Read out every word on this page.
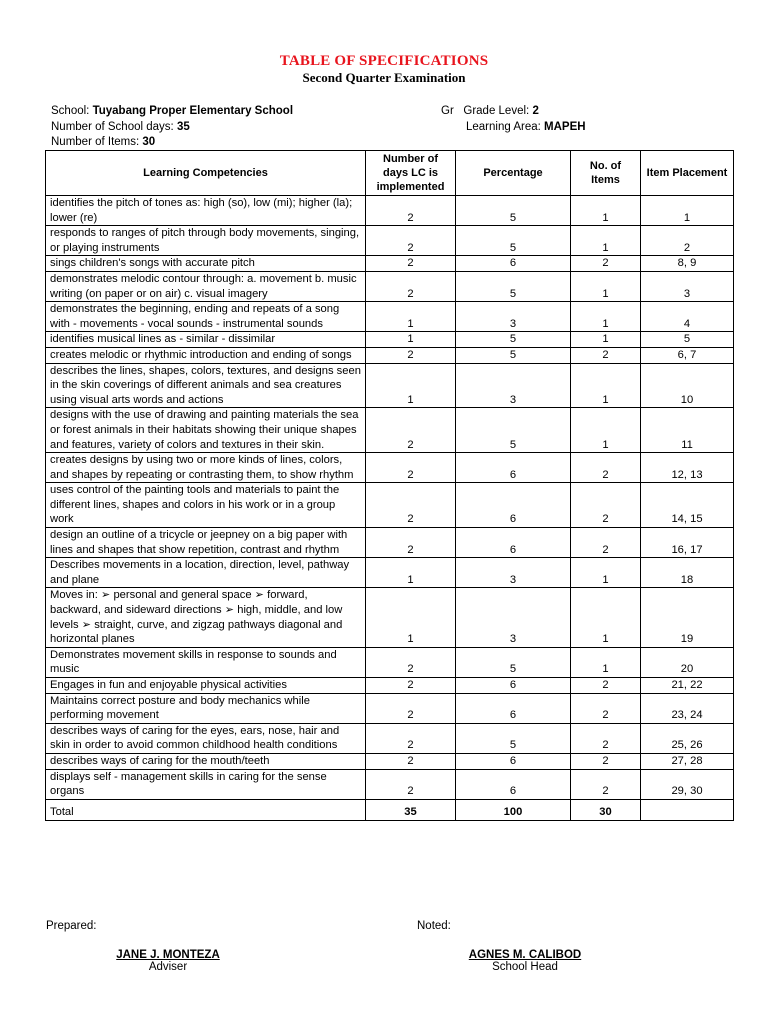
TABLE OF SPECIFICATIONS
Second Quarter Examination
School: Tuyabang Proper Elementary School
Number of School days: 35
Number of Items: 30
Gr Grade Level: 2
Learning Area: MAPEH
Learning Competencies	Number of days LC is implemented	Percentage	No. of Items	Item Placement
identifies the pitch of tones as: high (so), low (mi); higher (la); lower (re)	2	5	1	1
responds to ranges of pitch through body movements, singing, or playing instruments	2	5	1	2
sings children's songs with accurate pitch	2	6	2	8, 9
demonstrates melodic contour through: a. movement b. music writing (on paper or on air) c. visual imagery	2	5	1	3
demonstrates the beginning, ending and repeats of a song with - movements - vocal sounds - instrumental sounds	1	3	1	4
identifies musical lines as - similar - dissimilar	1	5	1	5
creates melodic or rhythmic introduction and ending of songs	2	5	2	6, 7
describes the lines, shapes, colors, textures, and designs seen in the skin coverings of different animals and sea creatures using visual arts words and actions	1	3	1	10
designs with the use of drawing and painting materials the sea or forest animals in their habitats showing their unique shapes and features, variety of colors and textures in their skin.	2	5	1	11
creates designs by using two or more kinds of lines, colors, and shapes by repeating or contrasting them, to show rhythm	2	6	2	12, 13
uses control of the painting tools and materials to paint the different lines, shapes and colors in his work or in a group work	2	6	2	14, 15
design an outline of a tricycle or jeepney on a big paper with lines and shapes that show repetition, contrast and rhythm	2	6	2	16, 17
Describes movements in a location, direction, level, pathway and plane	1	3	1	18
Moves in: ➢ personal and general space ➢ forward, backward, and sideward directions ➢ high, middle, and low levels ➢ straight, curve, and zigzag pathways diagonal and horizontal planes	1	3	1	19
Demonstrates movement skills in response to sounds and music	2	5	1	20
Engages in fun and enjoyable physical activities	2	6	2	21, 22
Maintains correct posture and body mechanics while performing movement	2	6	2	23, 24
describes ways of caring for the eyes, ears, nose, hair and skin in order to avoid common childhood health conditions	2	5	2	25, 26
describes ways of caring for the mouth/teeth	2	6	2	27, 28
displays self - management skills in caring for the sense organs	2	6	2	29, 30
Total	35	100	30	
Prepared:	Noted:
JANE J. MONTEZA
Adviser
AGNES M. CALIBOD
School Head
